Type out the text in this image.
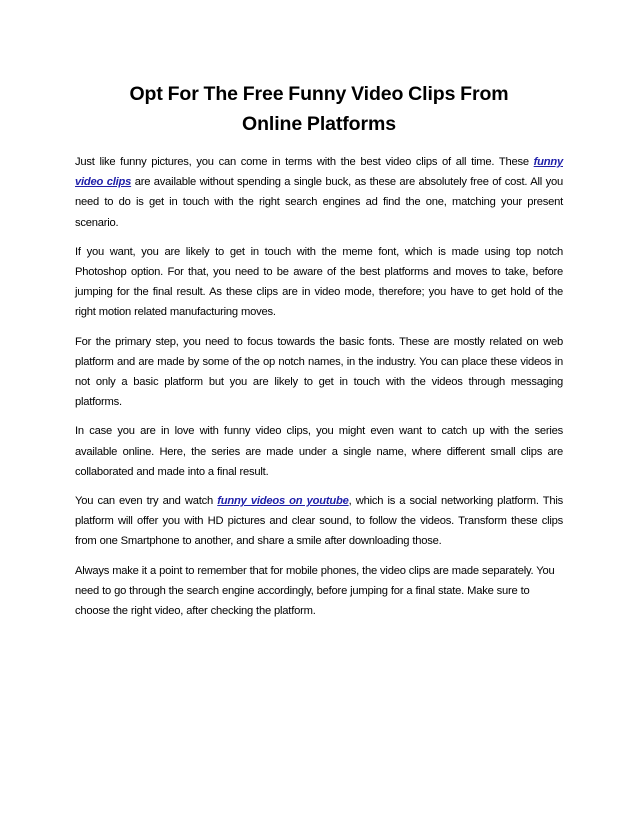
Opt For The Free Funny Video Clips From
Online Platforms

Just like funny pictures, you can come in terms with the best video clips of all time. These funny video clips are available without spending a single buck, as these are absolutely free of cost. All you need to do is get in touch with the right search engines ad find the one, matching your present scenario.

If you want, you are likely to get in touch with the meme font, which is made using top notch Photoshop option. For that, you need to be aware of the best platforms and moves to take, before jumping for the final result. As these clips are in video mode, therefore; you have to get hold of the right motion related manufacturing moves.

For the primary step, you need to focus towards the basic fonts. These are mostly related on web platform and are made by some of the op notch names, in the industry. You can place these videos in not only a basic platform but you are likely to get in touch with the videos through messaging platforms.

In case you are in love with funny video clips, you might even want to catch up with the series available online. Here, the series are made under a single name, where different small clips are collaborated and made into a final result.

You can even try and watch funny videos on youtube, which is a social networking platform. This platform will offer you with HD pictures and clear sound, to follow the videos. Transform these clips from one Smartphone to another, and share a smile after downloading those.

Always make it a point to remember that for mobile phones, the video clips are made separately. You need to go through the search engine accordingly, before jumping for a final state. Make sure to choose the right video, after checking the platform.
